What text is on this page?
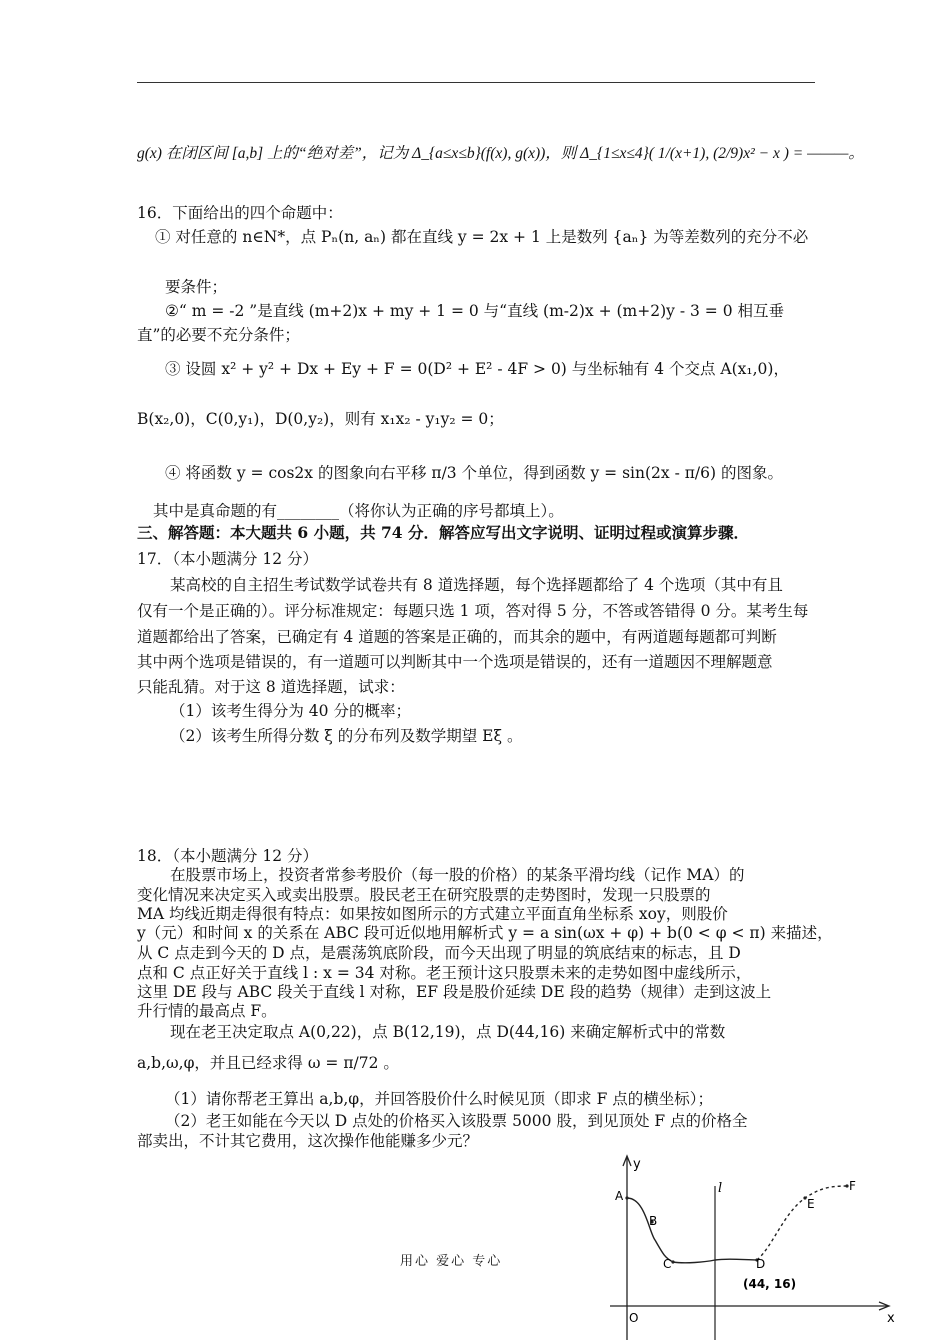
g(x) 在闭区间 [a,b] 上的“绝对差”，记为 Δ_{a≤x≤b}(f(x), g(x))，则 Δ_{1≤x≤4}( 1/(x+1), (2/9)x² − x ) = ———。
16．下面给出的四个命题中：
① 对任意的 n∈N*，点 Pₙ(n, aₙ) 都在直线 y = 2x + 1 上是数列 {aₙ} 为等差数列的充分不必
要条件；
②“ m = -2 ”是直线 (m+2)x + my + 1 = 0 与“直线 (m-2)x + (m+2)y - 3 = 0 相互垂
直”的必要不充分条件；
③ 设圆 x² + y² + Dx + Ey + F = 0(D² + E² - 4F > 0) 与坐标轴有 4 个交点 A(x₁,0)，
B(x₂,0)，C(0,y₁)，D(0,y₂)，则有 x₁x₂ - y₁y₂ = 0；
④ 将函数 y = cos2x 的图象向右平移 π/3 个单位，得到函数 y = sin(2x - π/6) 的图象。
其中是真命题的有________（将你认为正确的序号都填上）。
三、解答题：本大题共 6 小题，共 74 分．解答应写出文字说明、证明过程或演算步骤．
17．（本小题满分 12 分）
某高校的自主招生考试数学试卷共有 8 道选择题，每个选择题都给了 4 个选项（其中有且
仅有一个是正确的）。评分标准规定：每题只选 1 项，答对得 5 分，不答或答错得 0 分。某考生每
道题都给出了答案，已确定有 4 道题的答案是正确的，而其余的题中，有两道题每题都可判断
其中两个选项是错误的，有一道题可以判断其中一个选项是错误的，还有一道题因不理解题意
只能乱猜。对于这 8 道选择题，试求：
（1）该考生得分为 40 分的概率；
（2）该考生所得分数 ξ 的分布列及数学期望 Eξ 。
18．（本小题满分 12 分）
在股票市场上，投资者常参考股价（每一股的价格）的某条平滑均线（记作 MA）的
变化情况来决定买入或卖出股票。股民老王在研究股票的走势图时，发现一只股票的
MA 均线近期走得很有特点：如果按如图所示的方式建立平面直角坐标系 xoy，则股价
y（元）和时间 x 的关系在 ABC 段可近似地用解析式 y = a sin(ωx + φ) + b(0 < φ < π) 来描述，
从 C 点走到今天的 D 点，是震荡筑底阶段，而今天出现了明显的筑底结束的标志，且 D
点和 C 点正好关于直线 l : x = 34 对称。老王预计这只股票未来的走势如图中虚线所示，
这里 DE 段与 ABC 段关于直线 l 对称，EF 段是股价延续 DE 段的趋势（规律）走到这波上
升行情的最高点 F。
现在老王决定取点 A(0,22)，点 B(12,19)，点 D(44,16) 来确定解析式中的常数
a,b,ω,φ，并且已经求得 ω = π/72 。
（1）请你帮老王算出 a,b,φ，并回答股价什么时候见顶（即求 F 点的横坐标）；
（2）老王如能在今天以 D 点处的价格买入该股票 5000 股，到见顶处 F 点的价格全
部卖出，不计其它费用，这次操作他能赚多少元？
y
x
O
l
A
B
C	D
E
F
(44, 16)
用心 爱心 专心
